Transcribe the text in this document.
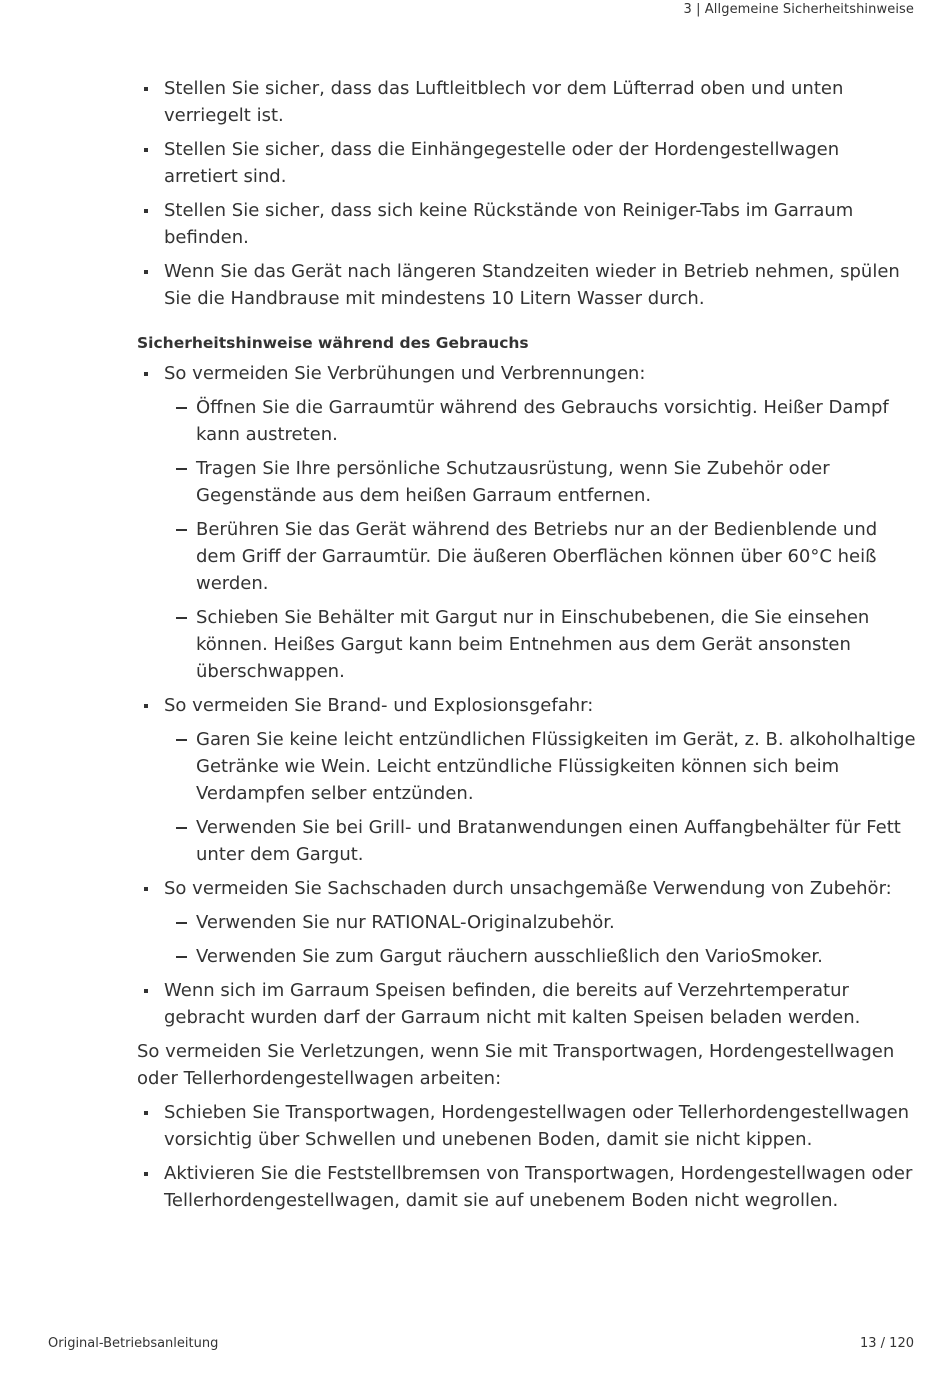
3 | Allgemeine Sicherheitshinweise
Stellen Sie sicher, dass das Luftleitblech vor dem Lüfterrad oben und unten verriegelt ist.
Stellen Sie sicher, dass die Einhängegestelle oder der Hordengestellwagen arretiert sind.
Stellen Sie sicher, dass sich keine Rückstände von Reiniger-Tabs im Garraum befinden.
Wenn Sie das Gerät nach längeren Standzeiten wieder in Betrieb nehmen, spülen Sie die Handbrause mit mindestens 10 Litern Wasser durch.
Sicherheitshinweise während des Gebrauchs
So vermeiden Sie Verbrühungen und Verbrennungen:
Öffnen Sie die Garraumtür während des Gebrauchs vorsichtig. Heißer Dampf kann austreten.
Tragen Sie Ihre persönliche Schutzausrüstung, wenn Sie Zubehör oder Gegenstände aus dem heißen Garraum entfernen.
Berühren Sie das Gerät während des Betriebs nur an der Bedienblende und dem Griff der Garraumtür. Die äußeren Oberflächen können über 60°C heiß werden.
Schieben Sie Behälter mit Gargut nur in Einschubebenen, die Sie einsehen können. Heißes Gargut kann beim Entnehmen aus dem Gerät ansonsten überschwappen.
So vermeiden Sie Brand- und Explosionsgefahr:
Garen Sie keine leicht entzündlichen Flüssigkeiten im Gerät, z. B. alkoholhaltige Getränke wie Wein. Leicht entzündliche Flüssigkeiten können sich beim Verdampfen selber entzünden.
Verwenden Sie bei Grill- und Bratanwendungen einen Auffangbehälter für Fett unter dem Gargut.
So vermeiden Sie Sachschaden durch unsachgemäße Verwendung von Zubehör:
Verwenden Sie nur RATIONAL-Originalzubehör.
Verwenden Sie zum Gargut räuchern ausschließlich den VarioSmoker.
Wenn sich im Garraum Speisen befinden, die bereits auf Verzehrtemperatur gebracht wurden darf der Garraum nicht mit kalten Speisen beladen werden.

So vermeiden Sie Verletzungen, wenn Sie mit Transportwagen, Hordengestellwagen oder Tellerhordengestellwagen arbeiten:

Schieben Sie Transportwagen, Hordengestellwagen oder Tellerhordengestellwagen vorsichtig über Schwellen und unebenen Boden, damit sie nicht kippen.
Aktivieren Sie die Feststellbremsen von Transportwagen, Hordengestellwagen oder Tellerhordengestellwagen, damit sie auf unebenem Boden nicht wegrollen.
Original-Betriebsanleitung	13 / 120
